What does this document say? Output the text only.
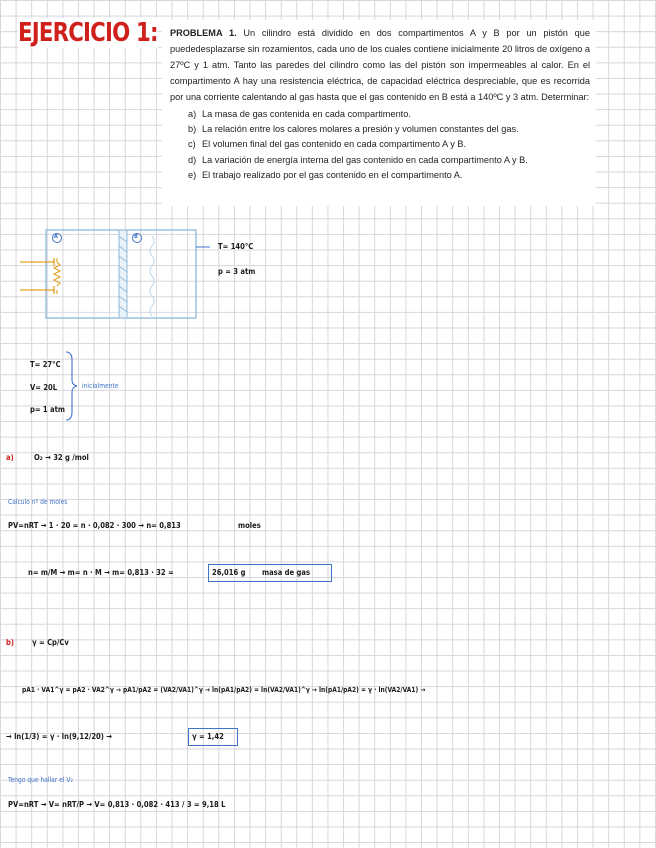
EJERCICIO 1: PROBLEMA 1. Un cilindro está dividido en dos compartimentos A y B por un pistón que puededesplazarse sin rozamientos, cada uno de los cuales contiene inicialmente 20 litros de oxígeno a 27ºC y 1 atm. Tanto las paredes del cilindro como las del pistón son impermeables al calor. En el compartimento A hay una resistencia eléctrica, de capacidad eléctrica despreciable, que es recorrida por una corriente calentando al gas hasta que el gas contenido en B está a 140ºC y 3 atm. Determinar:

a) La masa de gas contenida en cada compartimento.
b) La relación entre los calores molares a presión y volumen constantes del gas.
c) El volumen final del gas contenido en cada compartimento A y B.
d) La variación de energía interna del gas contenido en cada compartimento A y B.
e) El trabajo realizado por el gas contenido en el compartimento A.
A	B
T= 140°C
p = 3 atm
T= 27°C
V= 20L
p= 1 atm
inicialmente
a)	O₂ → 32 g /mol
Calculo nº de moles
PV=nRT → 1 · 20 = n · 0,082 · 300 → n= 0,813	moles
n= m/M → m= n · M → m= 0,813 · 32 =	26,016 g masa de gas
b) γ = Cp/Cv
pA1 · VA1^γ = pA2 · VA2^γ → pA1/pA2 = (VA2/VA1)^γ → ln(pA1/pA2) = ln(VA2/VA1)^γ → ln(pA1/pA2) = γ · ln(VA2/VA1) →
→ ln(1/3) = γ · ln(9,12/20) →	γ = 1,42
Tengo que hallar el V₂
PV=nRT → V= nRT/P → V= 0,813 · 0,082 · 413 / 3 = 9,18 L
